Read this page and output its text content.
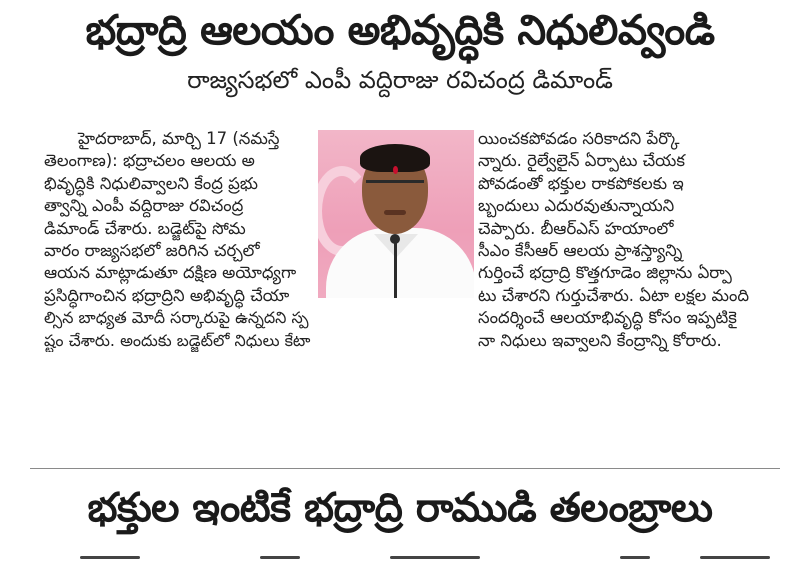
భద్రాద్రి ఆలయం అభివృద్ధికి నిధులివ్వండి
రాజ్యసభలో ఎంపీ వద్దిరాజు రవిచంద్ర డిమాండ్
హైదరాబాద్, మార్చి 17 (నమస్తే
తెలంగాణ): భద్రాచలం ఆలయ అ
భివృద్ధికి నిధులివ్వాలని కేంద్ర ప్రభు
త్వాన్ని ఎంపీ వద్దిరాజు రవిచంద్ర
డిమాండ్ చేశారు. బడ్జెట్‌పై సోమ
వారం రాజ్యసభలో జరిగిన చర్చలో
ఆయన మాట్లాడుతూ దక్షిణ అయోధ్యగా
ప్రసిద్ధిగాంచిన భద్రాద్రిని అభివృద్ధి చేయా
ల్సిన బాధ్యత మోదీ సర్కారుపై ఉన్నదని స్ప
ష్టం చేశారు. అందుకు బడ్జెట్‌లో నిధులు కేటా
యించకపోవడం సరికాదని పేర్కొ
న్నారు. రైల్వేలైన్ ఏర్పాటు చేయక
పోవడంతో భక్తుల రాకపోకలకు ఇ
బ్బందులు ఎదురవుతున్నాయని
చెప్పారు. బీఆర్‌ఎస్ హయాంలో
సీఎం కేసీఆర్ ఆలయ ప్రాశస్త్యాన్ని
గుర్తించే భద్రాద్రి కొత్తగూడెం జిల్లాను ఏర్పా
టు చేశారని గుర్తుచేశారు. ఏటా లక్షల మంది
సందర్శించే ఆలయాభివృద్ధి కోసం ఇప్పటికై
నా నిధులు ఇవ్వాలని కేంద్రాన్ని కోరారు.
భక్తుల ఇంటికే భద్రాద్రి రాముడి తలంబ్రాలు
